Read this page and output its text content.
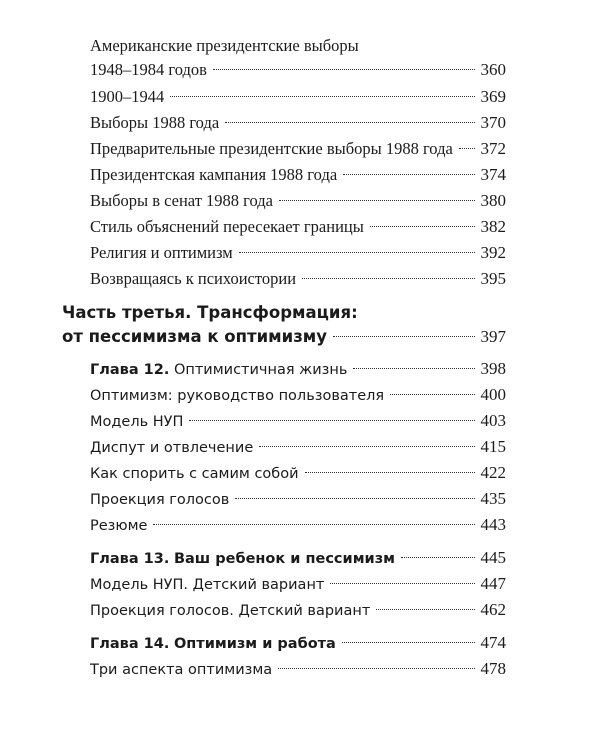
Американские президентские выборы
1948–1984 годов	360
1900–1944	369
Выборы 1988 года	370
Предварительные президентские выборы 1988 года 372
Президентская кампания 1988 года	374
Выборы в сенат 1988 года	380
Стиль объяснений пересекает границы	382
Религия и оптимизм	392
Возвращаясь к психоистории	395
Часть третья. Трансформация:
от пессимизма к оптимизму	397
Глава 12. Оптимистичная жизнь	398
Оптимизм: руководство пользователя	400
Модель НУП	403
Диспут и отвлечение	415
Как спорить с самим собой	422
Проекция голосов	435
Резюме	443
Глава 13. Ваш ребенок и пессимизм	445
Модель НУП. Детский вариант	447
Проекция голосов. Детский вариант	462
Глава 14. Оптимизм и работа	474
Три аспекта оптимизма	478
